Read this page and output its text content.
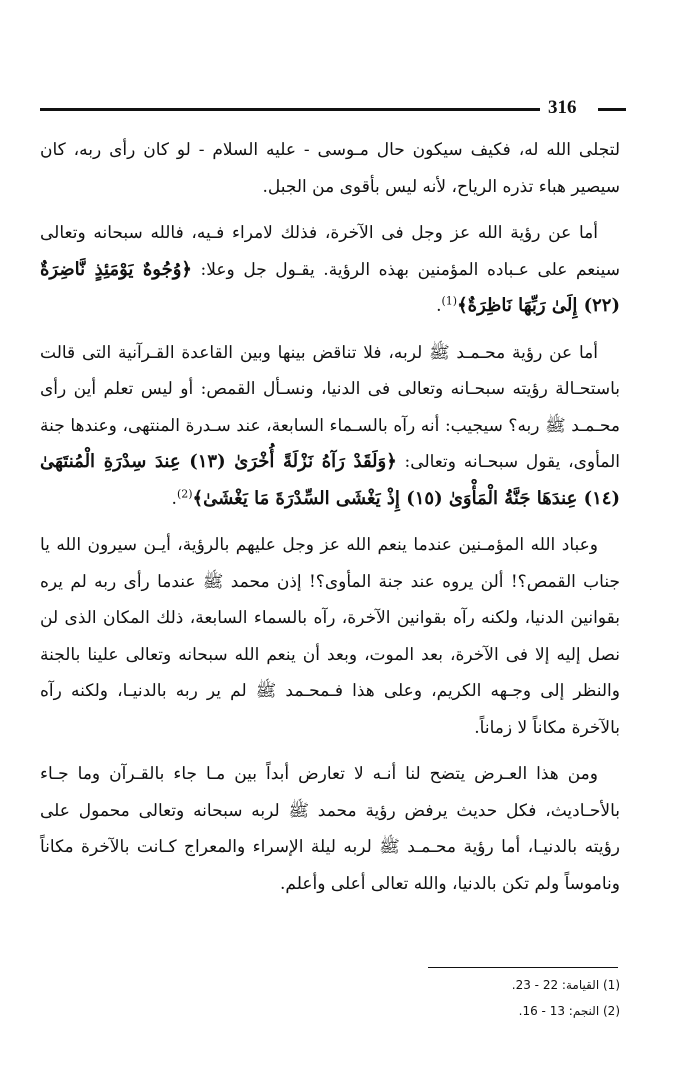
316

لتجلى الله له، فكيف سيكون حال مـوسى - عليه السلام - لو كان رأى ربه، كان سيصير هباء تذره الرياح، لأنه ليس بأقوى من الجبل.

أما عن رؤية الله عز وجل فى الآخرة، فذلك لامراء فـيه، فالله سبحانه وتعالى سينعم على عـباده المؤمنين بهذه الرؤية. يقـول جل وعلا: ﴿وُجُوهٌ يَوْمَئِذٍ نَّاضِرَةٌ (٢٢) إِلَىٰ رَبِّهَا نَاظِرَةٌ﴾$^{(1)}$.

أما عن رؤية محـمـد ﷺ لربه، فلا تناقض بينها وبين القاعدة القـرآنية التى قالت باستحـالة رؤيته سبحـانه وتعالى فى الدنيا، ونسـأل القمص: أو ليس تعلم أين رأى محـمـد ﷺ ربه؟ سيجيب: أنه رآه بالسـماء السابعة، عند سـدرة المنتهى، وعندها جنة المأوى، يقول سبحـانه وتعالى: ﴿وَلَقَدْ رَآهُ نَزْلَةً أُخْرَىٰ (١٣) عِندَ سِدْرَةِ الْمُنتَهَىٰ (١٤) عِندَهَا جَنَّةُ الْمَأْوَىٰ (١٥) إِذْ يَغْشَى السِّدْرَةَ مَا يَغْشَىٰ﴾$^{(2)}$.

وعباد الله المؤمـنين عندما ينعم الله عز وجل عليهم بالرؤية، أيـن سيرون الله يا جناب القمص؟! ألن يروه عند جنة المأوى؟! إذن محمد ﷺ عندما رأى ربه لم يره بقوانين الدنيا، ولكنه رآه بقوانين الآخرة، رآه بالسماء السابعة، ذلك المكان الذى لن نصل إليه إلا فى الآخرة، بعد الموت، وبعد أن ينعم الله سبحانه وتعالى علينا بالجنة والنظر إلى وجـهه الكريم، وعلى هذا فـمحـمد ﷺ لم ير ربه بالدنيـا، ولكنه رآه بالآخرة مكاناً لا زماناً.

ومن هذا العـرض يتضح لنا أنـه لا تعارض أبداً بين مـا جاء بالقـرآن وما جـاء بالأحـاديث، فكل حديث يرفض رؤية محمد ﷺ لربه سبحانه وتعالى محمول على رؤيته بالدنيـا، أما رؤية محـمـد ﷺ لربه ليلة الإسراء والمعراج كـانت بالآخرة مكاناً وناموساً ولم تكن بالدنيا، والله تعالى أعلى وأعلم.

(1) القيامة: 22 - 23.

(2) النجم: 13 - 16.
